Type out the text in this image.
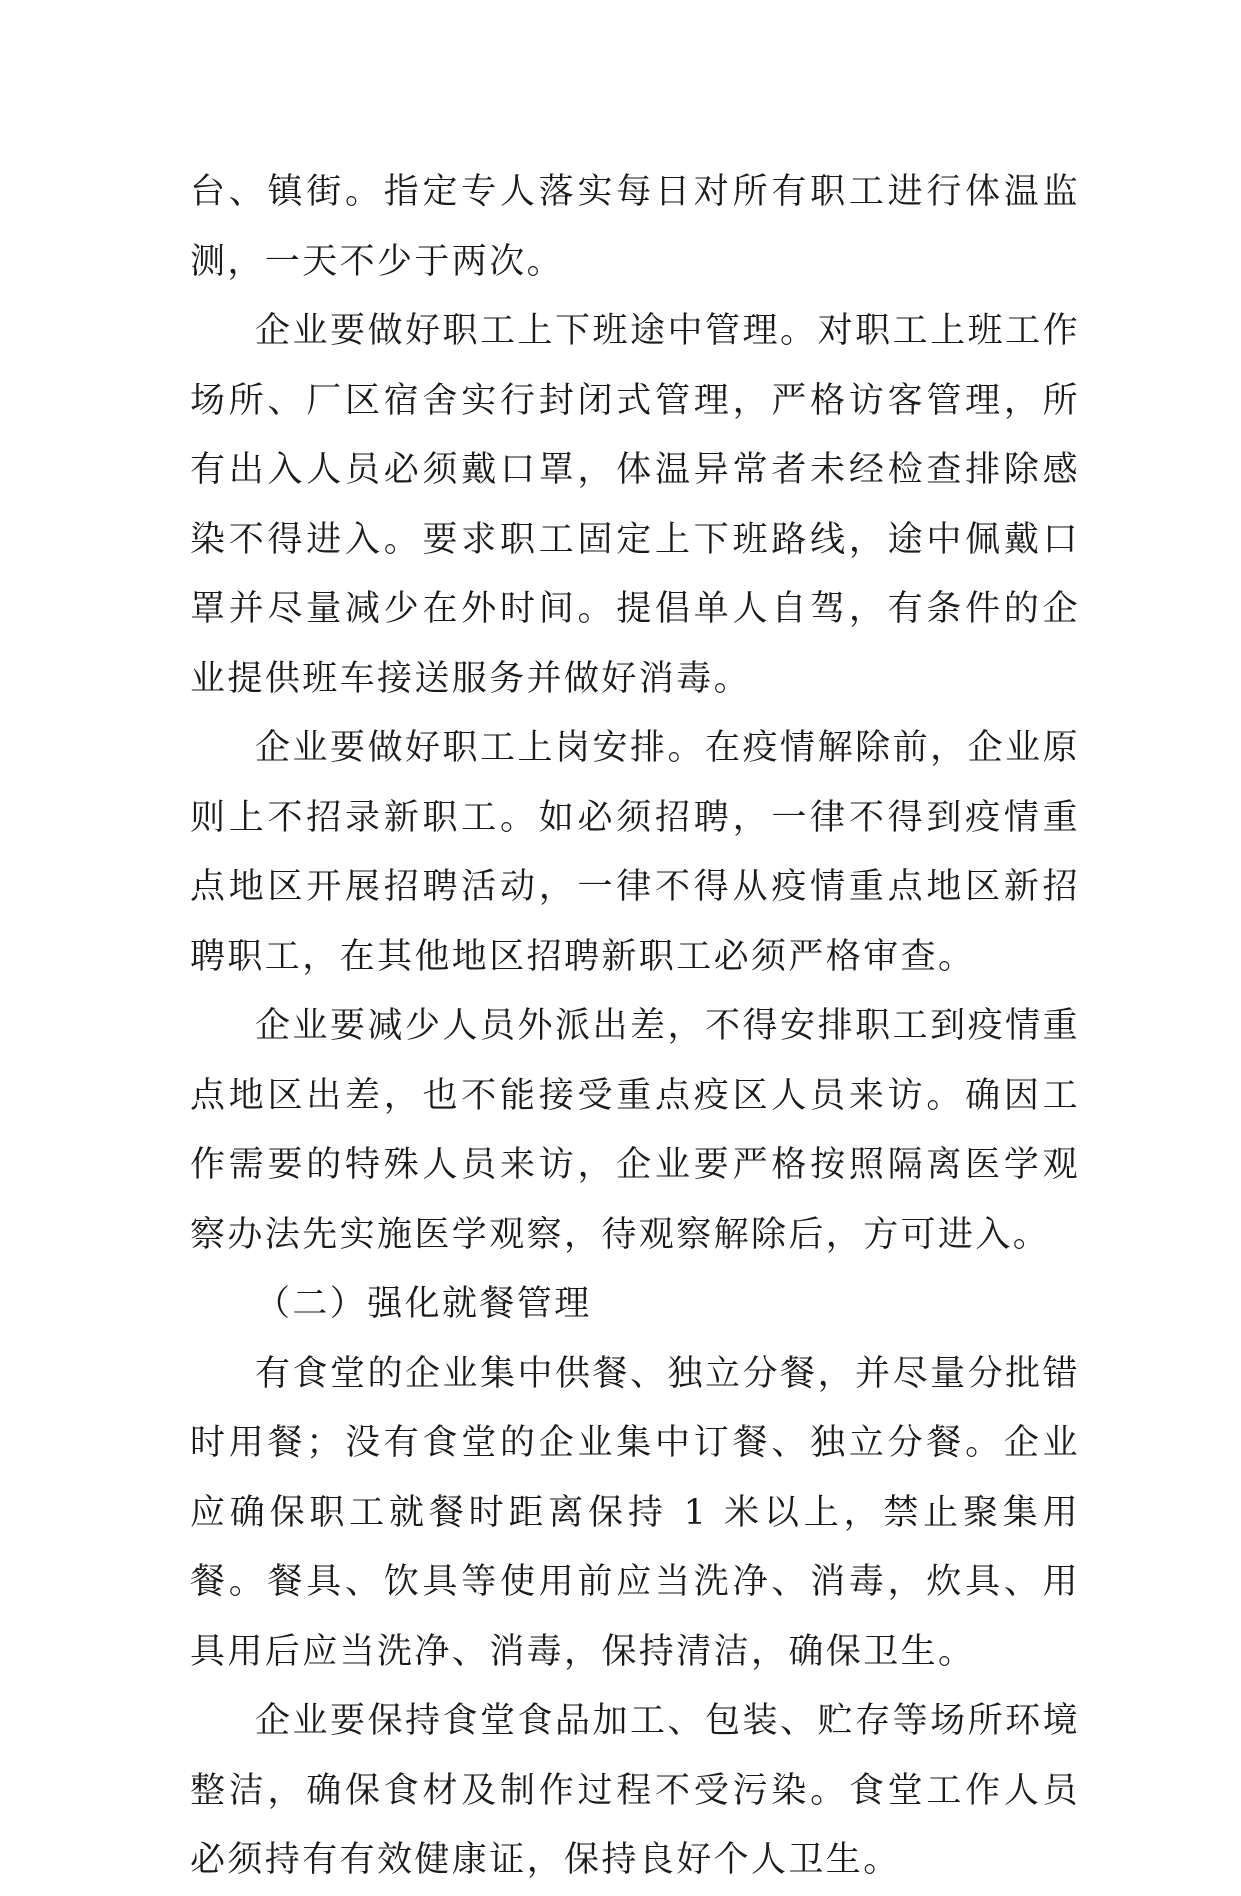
台、镇街。指定专人落实每日对所有职工进行体温监测，一天不少于两次。

企业要做好职工上下班途中管理。对职工上班工作场所、厂区宿舍实行封闭式管理，严格访客管理，所有出入人员必须戴口罩，体温异常者未经检查排除感染不得进入。要求职工固定上下班路线，途中佩戴口罩并尽量减少在外时间。提倡单人自驾，有条件的企业提供班车接送服务并做好消毒。

企业要做好职工上岗安排。在疫情解除前，企业原则上不招录新职工。如必须招聘，一律不得到疫情重点地区开展招聘活动，一律不得从疫情重点地区新招聘职工，在其他地区招聘新职工必须严格审查。

企业要减少人员外派出差，不得安排职工到疫情重点地区出差，也不能接受重点疫区人员来访。确因工作需要的特殊人员来访，企业要严格按照隔离医学观察办法先实施医学观察，待观察解除后，方可进入。

（二）强化就餐管理

有食堂的企业集中供餐、独立分餐，并尽量分批错时用餐；没有食堂的企业集中订餐、独立分餐。企业应确保职工就餐时距离保持 1 米以上，禁止聚集用餐。餐具、饮具等使用前应当洗净、消毒，炊具、用具用后应当洗净、消毒，保持清洁，确保卫生。

企业要保持食堂食品加工、包装、贮存等场所环境整洁，确保食材及制作过程不受污染。食堂工作人员必须持有有效健康证，保持良好个人卫生。
